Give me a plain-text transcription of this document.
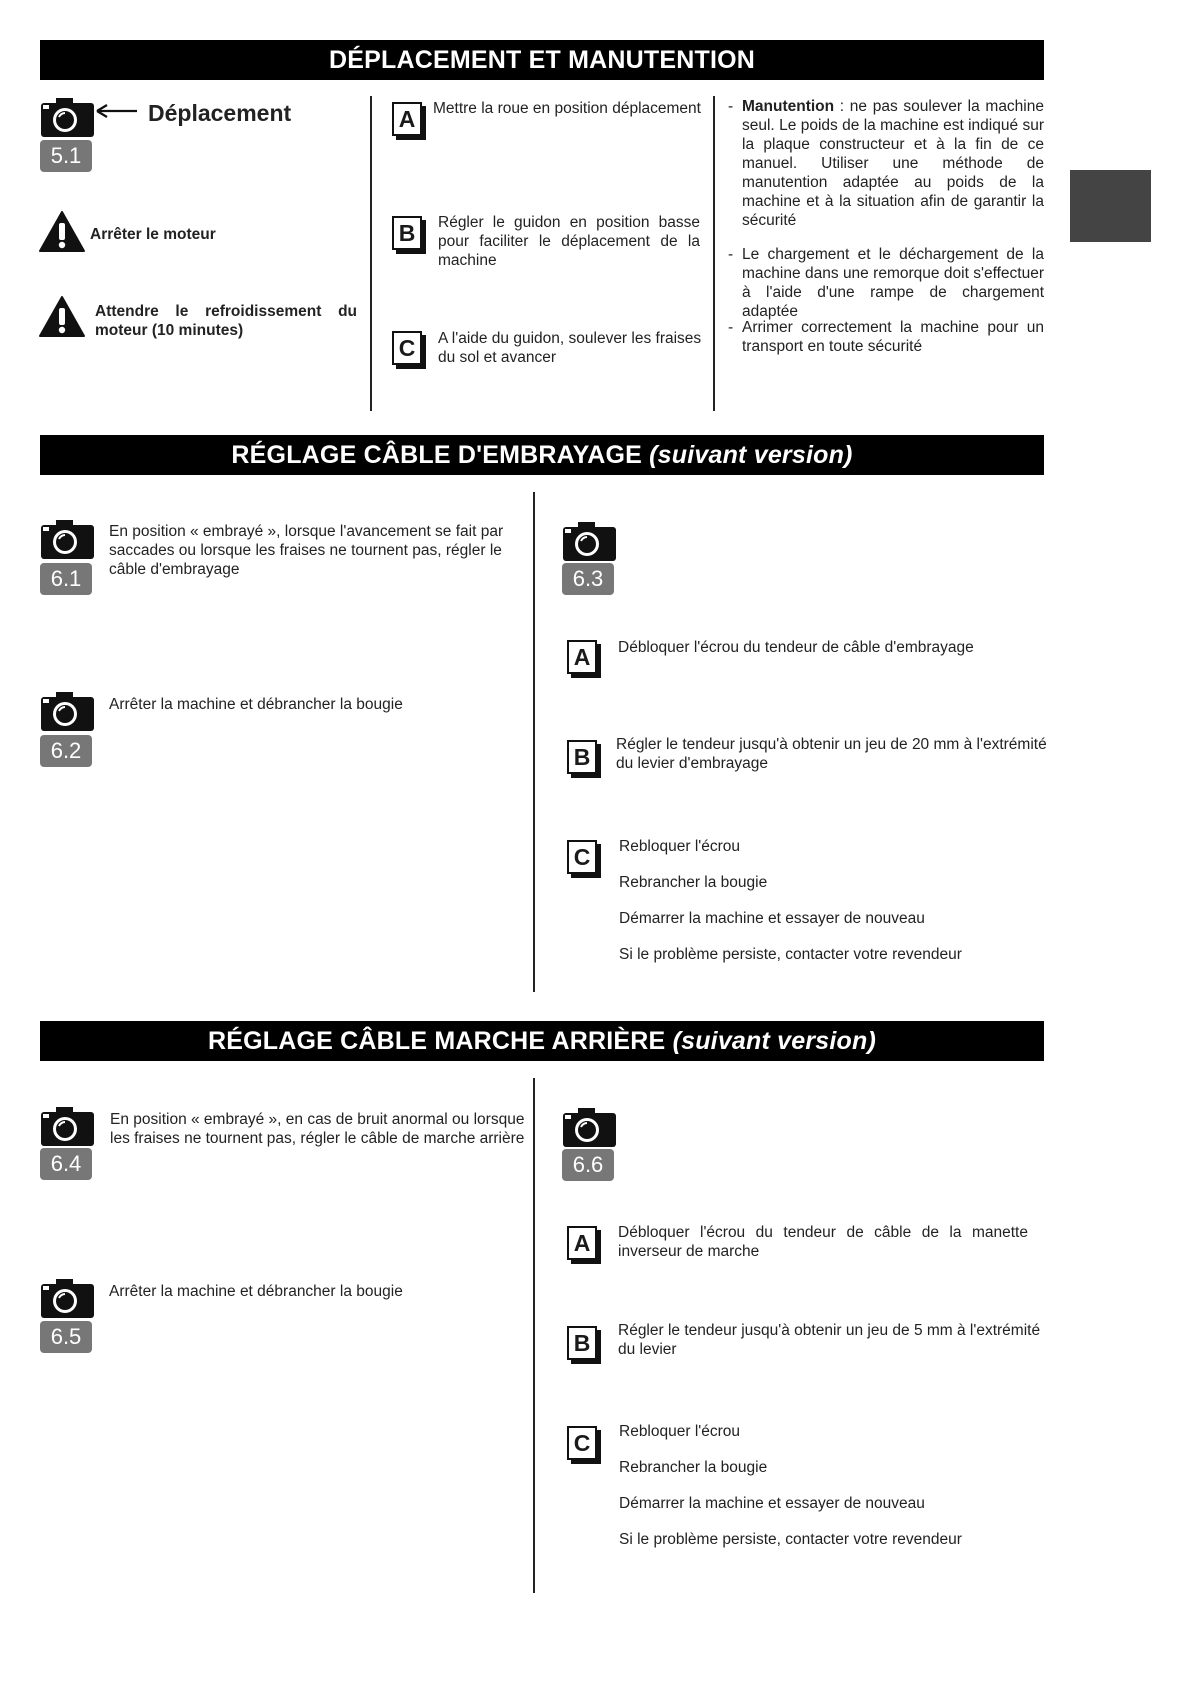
DÉPLACEMENT ET MANUTENTION
Déplacement
5.1
Arrêter le moteur
Attendre le refroidissement du moteur (10 minutes)
A	Mettre la roue en position déplacement
B	Régler le guidon en position basse pour faciliter le déplacement de la machine
C	A l'aide du guidon, soulever les fraises du sol et avancer
- Manutention : ne pas soulever la machine seul. Le poids de la machine est indiqué sur la plaque constructeur et à la fin de ce manuel. Utiliser une méthode de manutention adaptée au poids de la machine et à la situation afin de garantir la sécurité
- Le chargement et le déchargement de la machine dans une remorque doit s'effectuer à l'aide d'une rampe de chargement adaptée
- Arrimer correctement la machine pour un transport en toute sécurité
RÉGLAGE CÂBLE D'EMBRAYAGE (suivant version)
6.1
En position « embrayé », lorsque l'avancement se fait par saccades ou lorsque les fraises ne tournent pas, régler le câble d'embrayage
6.2
Arrêter la machine et débrancher la bougie
6.3
A	Débloquer l'écrou du tendeur de câble d'embrayage
B	Régler le tendeur jusqu'à obtenir un jeu de 20 mm à l'extrémité du levier d'embrayage
C	Rebloquer l'écrou
Rebrancher la bougie
Démarrer la machine et essayer de nouveau
Si le problème persiste, contacter votre revendeur
RÉGLAGE CÂBLE MARCHE ARRIÈRE (suivant version)
6.4
En position « embrayé », en cas de bruit anormal ou lorsque les fraises ne tournent pas, régler le câble de marche arrière
6.5
Arrêter la machine et débrancher la bougie
6.6
A	Débloquer l'écrou du tendeur de câble de la manette inverseur de marche
B	Régler le tendeur jusqu'à obtenir un jeu de 5 mm à l'extrémité du levier
C	Rebloquer l'écrou
Rebrancher la bougie
Démarrer la machine et essayer de nouveau
Si le problème persiste, contacter votre revendeur
